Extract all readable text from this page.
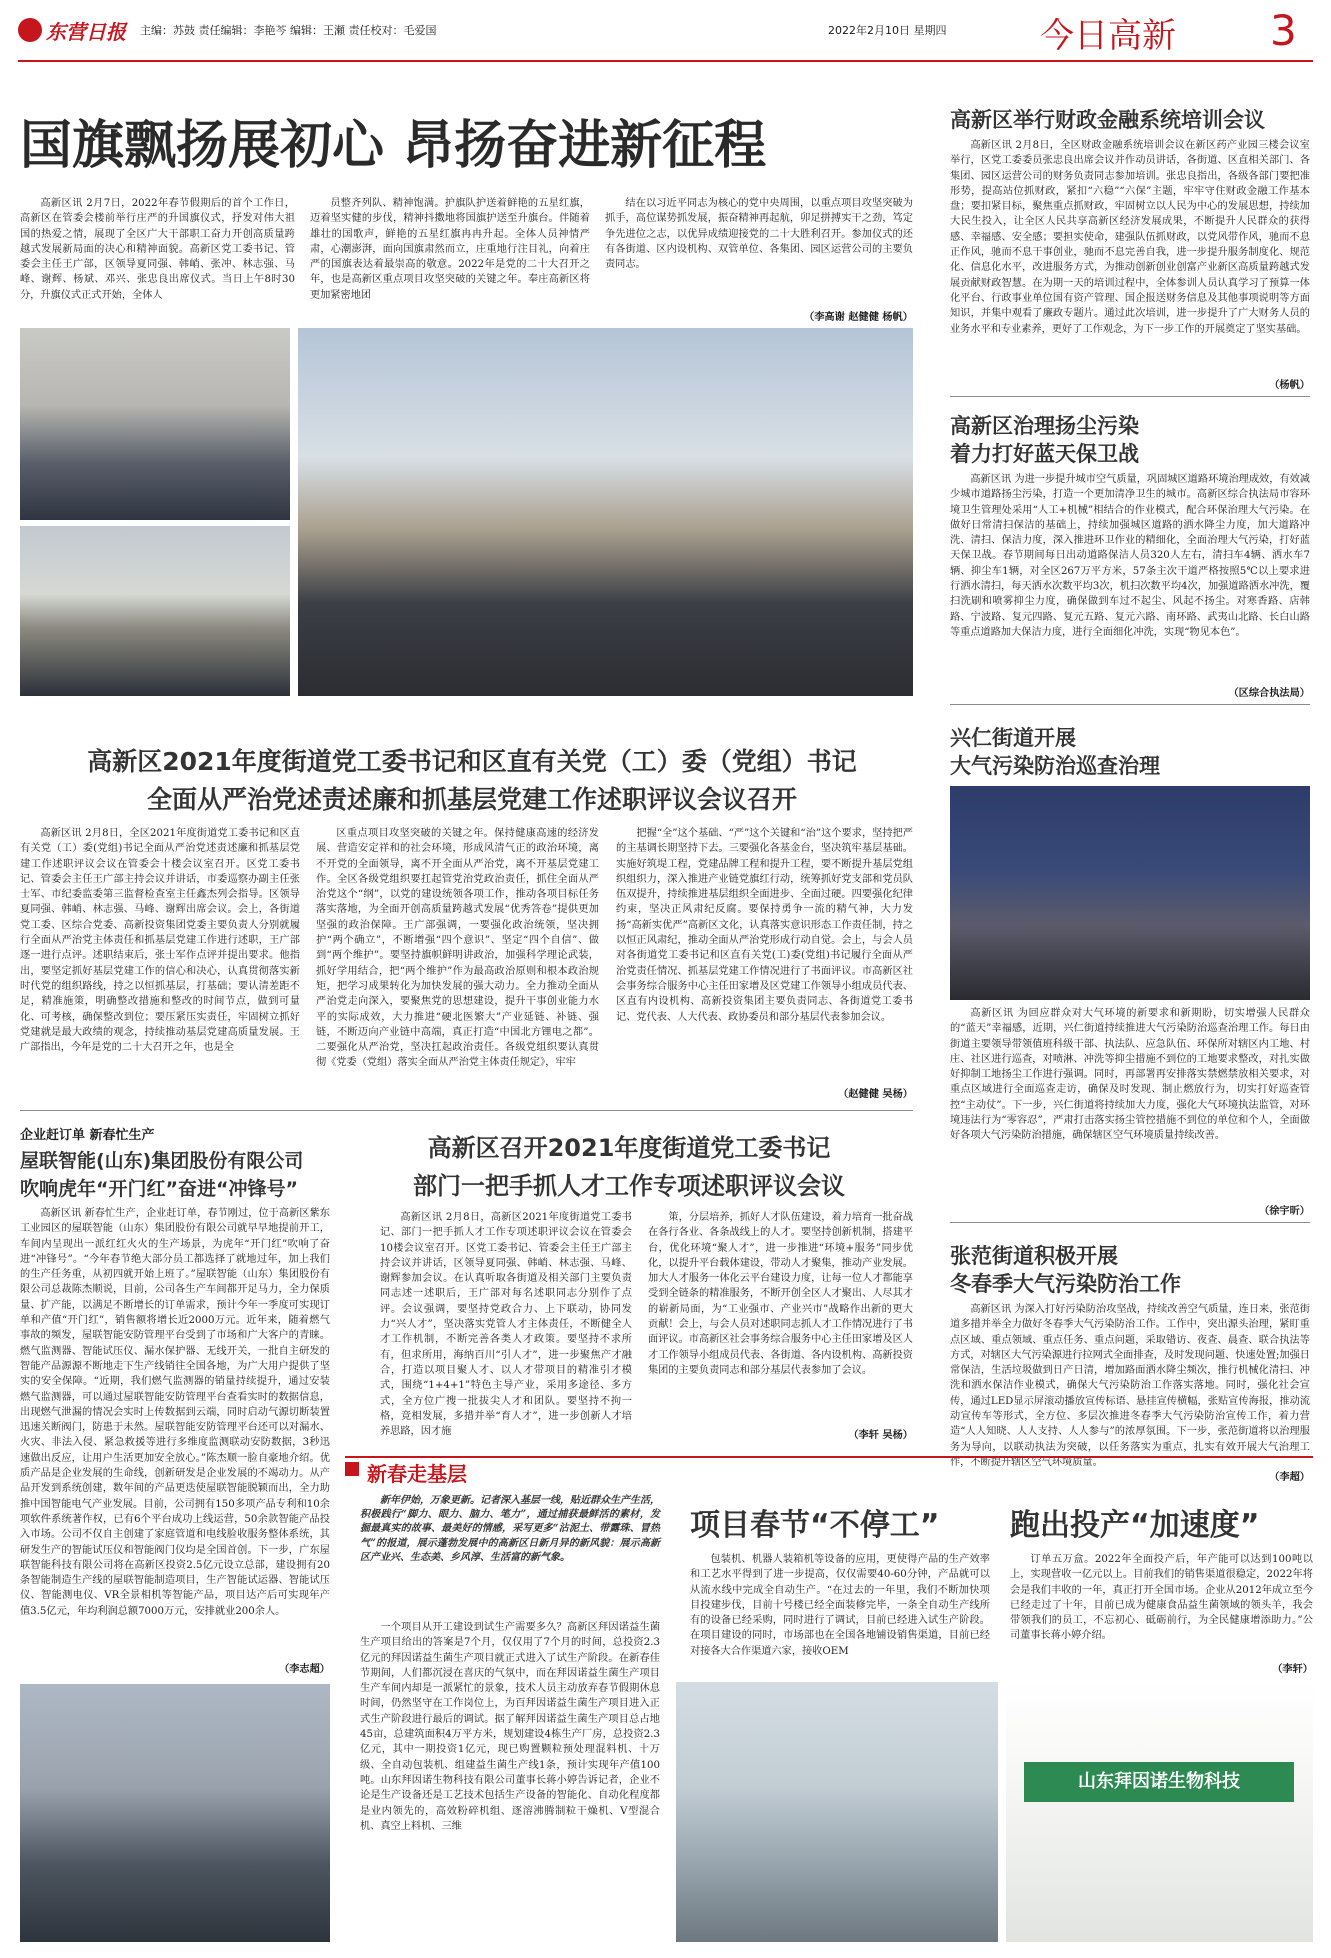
东营日报 主编：苏鼓 责任编辑：李艳芩 编辑：王瀬 责任校对：毛爱国	2022年2月10日 星期四	今日高新 3
国旗飘扬展初心 昂扬奋进新征程

高新区讯 2月7日，2022年春节假期后的首个工作日，高新区在管委会楼前举行庄严的升国旗仪式，抒发对伟大祖国的热爱之情，展现了全区广大干部职工奋力开创高质量跨越式发展新局面的决心和精神面貌。高新区党工委书记、管委会主任王广部，区领导夏同强、韩峭、张冲、林志强、马峰、谢辉、杨斌、邓兴、张忠良出席仪式。当日上午8时30分，升旗仪式正式开始，全体人

员整齐列队、精神饱满。护旗队护送着鲜艳的五星红旗，迈着坚实健的步伐，精神抖擞地将国旗护送至升旗台。伴随着雄壮的国歌声，鲜艳的五星红旗冉冉升起。全体人员神情严肃，心潮澎湃，面向国旗肃然而立，庄重地行注目礼，向着庄严的国旗表达着最崇高的敬意。2022年是党的二十大召开之年，也是高新区重点项目攻坚突破的关键之年。奉庄高新区将更加紧密地团

结在以习近平同志为核心的党中央周围，以重点项目攻坚突破为抓手，高位谋势抓发展，振奋精神再起航，卯足拼搏实干之劲，笃定争先进位之志，以优异成绩迎接党的二十大胜利召开。参加仪式的还有各街道、区内设机构、双管单位、各集团、园区运营公司的主要负责同志。

（李高谢 赵健健 杨帆）
高新区举行财政金融系统培训会议

高新区讯 2月8日，全区财政金融系统培训会议在新区药产业园三楼会议室举行，区党工委委员张忠良出席会议并作动员讲话，各街道、区直相关部门、各集团、园区运营公司的财务负责同志参加培训。张忠良指出，各级各部门要把准形势，提高站位抓财政，紧扣“六稳”“六保”主题，牢牢守住财政金融工作基本盘；要扣紧目标，聚焦重点抓财政，牢固树立以人民为中心的发展思想，持续加大民生投入，让全区人民共享高新区经济发展成果，不断提升人民群众的获得感、幸福感、安全感；要担实使命，建强队伍抓财政，以党风带作风，驰而不息正作风，驰而不息干事创业，驰而不息完善自我，进一步提升服务制度化、规范化、信息化水平，改进服务方式，为推动创新创业创富产业新区高质量跨越式发展贡献财政智慧。在为期一天的培训过程中，全体参训人员认真学习了预算一体化平台、行政事业单位国有资产管理、国企报送财务信息及其他事项说明等方面知识，并集中观看了廉政专题片。通过此次培训，进一步提升了广大财务人员的业务水平和专业素养，更好了工作观念，为下一步工作的开展奠定了坚实基础。

（杨帆）
高新区治理扬尘污染
着力打好蓝天保卫战

高新区讯 为进一步提升城市空气质量，巩固城区道路环境治理成效，有效减少城市道路扬尘污染，打造一个更加清净卫生的城市。高新区综合执法局市容环境卫生管理处采用“人工+机械”相结合的作业模式，配合环保治理大气污染。在做好日常清扫保洁的基础上，持续加强城区道路的洒水降尘力度，加大道路冲洗、清扫、保洁力度，深入推进环卫作业的精细化，全面治理大气污染，打好蓝天保卫战。春节期间每日出动道路保洁人员320人左右，清扫车4辆、洒水车7辆、抑尘车1辆，对全区267万平方米，57条主次干道严格按照5℃以上要求进行洒水清扫，每天洒水次数平均3次，机扫次数平均4次，加强道路洒水冲洗，覆扫洗刷和喷雾抑尘力度，确保做到车过不起尘、风起不扬尘。对寒香路、店韩路、宁波路、复元四路、复元五路、复元六路、南环路、武夷山北路、长白山路等重点道路加大保洁力度，进行全面细化冲洗，实现“物见本色”。

（区综合执法局）
兴仁街道开展
大气污染防治巡查治理

高新区讯 为回应群众对大气环境的新要求和新期盼，切实增强人民群众的“蓝天”幸福感，近期，兴仁街道持续推进大气污染防治巡查治理工作。每日由街道主要领导带领值班科级干部、执法队、应急队伍、环保所对辖区内工地、村庄、社区进行巡查，对喷淋、冲洗等抑尘措施不到位的工地要求整改，对扎实做好抑制工地扬尘工作进行强调。同时，再部署再安排落实禁燃禁放相关要求，对重点区域进行全面巡查走访，确保及时发现、制止燃放行为，切实打好巡查管控“主动仗”。下一步，兴仁街道将持续加大力度，强化大气环境执法监管，对环境违法行为“零容忍”，严肃打击落实扬尘管控措施不到位的单位和个人，全面做好各项大气污染防治措施，确保辖区空气环境质量持续改善。

（徐宇昕）
张范街道积极开展
冬春季大气污染防治工作

高新区讯 为深入打好污染防治攻坚战，持续改善空气质量，连日来，张范街道多措并举全力做好冬春季大气污染防治工作。工作中，突出源头治理，紧盯重点区域、重点领域、重点任务、重点问题，采取错访、夜查、晨查、联合执法等方式，对辖区大气污染源进行拉网式全面排查，及时发现问题、快速处置;加强日常保洁，生活垃圾做到日产日清，增加路面洒水降尘频次，推行机械化清扫、冲洗和洒水保洁作业模式，确保大气污染防治工作落实落地。同时，强化社会宣传，通过LED显示屏滚动播放宣传标语、悬挂宣传横幅，张贴宣传海报，推动流动宣传车等形式，全方位、多层次推进冬春季大气污染防治宣传工作，着力营造“人人知晓、人人支持、人人参与”的浓厚氛围。下一步，张范街道将以治理服务为导向，以联动执法为突破，以任务落实为重点，扎实有效开展大气治理工作，不断提升辖区空气环境质量。

（李超）
高新区2021年度街道党工委书记和区直有关党（工）委（党组）书记
全面从严治党述责述廉和抓基层党建工作述职评议会议召开

高新区讯 2月8日，全区2021年度街道党工委书记和区直有关党（工）委(党组)书记全面从严治党述责述廉和抓基层党建工作述职评议会议在管委会十楼会议室召开。区党工委书记、管委会主任王广部主持会议并讲话，市委巡察办副主任张士军、市纪委监委第三监督检查室主任鑫杰列会指导。区领导夏同强、韩峭、林志强、马峰、谢辉出席会议。会上，各街道党工委、区综合党委、高新投资集团党委主要负责人分别就履行全面从严治党主体责任和抓基层党建工作进行述职，王广部逐一进行点评。述职结束后，张士军作点评并提出要求。他指出，要坚定抓好基层党建工作的信心和决心，认真贯彻落实新时代党的组织路线，持之以恒抓基层，打基础；要认清差距不足，精准施策，明确整改措施和整改的时间节点，做到可量化、可考核，确保整改到位；要压紧压实责任，牢固树立抓好党建就是最大政绩的观念，持续推动基层党建高质量发展。王广部指出，今年是党的二十大召开之年，也是全

区重点项目攻坚突破的关键之年。保持健康高速的经济发展、营造安定祥和的社会环境，形成风清气正的政治环境，离不开党的全面领导，离不开全面从严治党，离不开基层党建工作。全区各级党组织要扛起管党治党政治责任，抓住全面从严治党这个“纲”，以党的建设统领各项工作，推动各项目标任务落实落地，为全面开创高质量跨越式发展“优秀答卷”提供更加坚强的政治保障。王广部强调，一要强化政治统领，坚决拥护“两个确立”，不断增强“四个意识”、坚定“四个自信”、做到“两个维护”。要坚持旗帜鲜明讲政治，加强科学理论武装，抓好学用结合，把“两个维护”作为最高政治原则和根本政治规矩，把学习成果转化为加快发展的强大动力。全力推动全面从严治党走向深入，要聚焦党的思想建设，提升干事创业能力水平的实际成效，大力推进“硬北医繁大”产业延链、补链、强链，不断迈向产业链中高端，真正打造“中国北方锂电之都”。二要强化从严治党，坚决扛起政治责任。各级党组织要认真贯彻《党委（党组）落实全面从严治党主体责任规定》，牢牢

把握“全”这个基础、“严”这个关键和“治”这个要求，坚持把严的主基调长期坚持下去。三要强化各基金台，坚决筑牢基层基础。实施好筑堤工程，党建品牌工程和提升工程，要不断提升基层党组织组织力，深入推进产业链党旗红行动，统筹抓好党支部和党员队伍双提升，持续推进基层组织全面进步、全面过硬。四要强化纪律约束，坚决正风肃纪反腐。要保持勇争一流的精气神，大力发扬“高新实优严”高新区文化，认真落实意识形态工作责任制，持之以恒正风肃纪，推动全面从严治党形成行动自觉。会上，与会人员对各街道党工委书记和区直有关党(工)委(党组)书记履行全面从严治党责任情况、抓基层党建工作情况进行了书面评议。市高新区社会事务综合服务中心主任田家增及区党建工作领导小组成员代表、区直有内设机构、高新投资集团主要负责同志、各街道党工委书记、党代表、人大代表、政协委员和部分基层代表参加会议。

（赵健健 吴杨）
企业赶订单 新春忙生产
屋联智能(山东)集团股份有限公司
吹响虎年“开门红”奋进“冲锋号”

高新区讯 新春忙生产，企业赶订单，春节刚过，位于高新区紫东工业园区的屋联智能（山东）集团股份有限公司就早早地提前开工，车间内呈现出一派红红火火的生产场景，为虎年“开门红”吹响了奋进“冲锋号”。“今年春节绝大部分员工都选择了就地过年，加上我们的生产任务重，从初四就开始上班了。”屋联智能（山东）集团股份有限公司总裁陈杰顺说，目前，公司各生产车间都开足马力，全力保质量、扩产能，以满足不断增长的订单需求，预计今年一季度可实现订单和产值“开门红”，销售额将增长近2000万元。近年来，随着燃气事故的频发，屋联智能安防管理平台受到了市场和广大客户的青睐。燃气监测器、智能试压仪、漏水保护器、无线开关，一批自主研发的智能产品源源不断地走下生产线销往全国各地，为广大用户提供了坚实的安全保障。“近期，我们燃气监测器的销量持续提升，通过安装燃气监测器，可以通过屋联智能安防管理平台查看实时的数据信息，出现燃气泄漏的情况会实时上传数据到云端，同时启动气源切断装置迅速关断阀门，防患于未然。屋联智能安防管理平台还可以对漏水、火灾、非法入侵、紧急救援等进行多维度监测联动安防数据，3秒迅速做出反应，让用户生活更加安全放心。”陈杰顺一脸自豪地介绍。优质产品是企业发展的生命线，创新研发是企业发展的不竭动力。从产品开发到系统创建，数年间的产品更迭使屋联智能脱颖而出，全力助推中国智能电气产业发展。目前，公司拥有150多项产品专利和10余项软件系统著作权，已有6个平台成功上线运营，50余款智能产品投入市场。公司不仅自主创建了家庭管道和电线脸收服务整体系统，其研发生产的智能试压仪和智能阀门仪均是全国首创。下一步，广东屋联智能科技有限公司将在高新区投资2.5亿元设立总部，建设拥有20条智能制造生产线的屋联智能制造项目，生产智能试运器、智能试压仪、智能测电仪、VR全景相机等智能产品，项目达产后可实现年产值3.5亿元，年均利润总额7000万元，安排就业200余人。

（李志超）
高新区召开2021年度街道党工委书记
部门一把手抓人才工作专项述职评议会议

高新区讯 2月8日，高新区2021年度街道党工委书记、部门一把手抓人才工作专项述职评议会议在管委会10楼会议室召开。区党工委书记、管委会主任王广部主持会议并讲话，区领导夏同强、韩峭、林志强、马峰、谢辉参加会议。在认真听取各街道及相关部门主要负责同志述一述职后，王广部对每名述职同志分别作了点评。会议强调，要坚持党政合力、上下联动，协同发力“兴人才”，坚决落实党管人才主体责任，不断健全人才工作机制，不断完善各类人才政策。要坚持不求所有，但求所用，海纳百川“引人才”，进一步聚焦产才融合，打造以项目聚人才、以人才带项目的精准引才模式，围绕“1+4+1”特色主导产业，采用多途径、多方式，全方位广搜一批拔尖人才和团队。要坚持不拘一格，竞相发展，多措并举“育人才”，进一步创新人才培养思路，因才施

策，分层培养，抓好人才队伍建设，着力培育一批奋战在各行各业、各条战线上的人才。要坚持创新机制，搭建平台，优化环境“聚人才”，进一步推进“环境+服务”同步优化，以提升平台载体建设，带动人才聚集，推动产业发展。加大人才服务一体化云平台建设力度，让每一位人才都能享受到全链条的精准服务，不断开创全区人才聚出、人尽其才的崭新局面，为“工业强市、产业兴市”战略作出新的更大贡献！会上，与会人员对述职同志抓人才工作情况进行了书面评议。市高新区社会事务综合服务中心主任田家增及区人才工作领导小组成员代表、各街道、各内设机构、高新投资集团的主要负责同志和部分基层代表参加了会议。

（李轩 吴杨）
新春走基层
新年伊始，万象更新。记者深入基层一线，贴近群众生产生活，积极践行“脚力、眼力、脑力、笔力”，通过捕获最鲜活的素材，发掘最真实的故事、最美好的情感，采写更多“沾泥土、带露珠、冒热气”的报道，展示蓬勃发展中的高新区日新月异的新风貌：展示高新区产业兴、生态美、乡风淳、生活富的新气象。
项目春节“不停工” 跑出投产“加速度”

一个项目从开工建设到试生产需要多久？高新区拜因诺益生菌生产项目给出的答案是7个月，仅仅用了7个月的时间，总投资2.3亿元的拜因诺益生菌生产项目就正式进入了试生产阶段。在新春佳节期间，人们都沉浸在喜庆的气氛中，而在拜因诺益生菌生产项目生产车间内却是一派紧忙的景象，技术人员主动放弃春节假期休息时间，仍然坚守在工作岗位上，为百拜因诺益生菌生产项目进入正式生产阶段进行最后的调试。据了解拜因诺益生菌生产项目总占地45亩，总建筑面积4万平方米，规划建设4栋生产厂房，总投资2.3亿元，其中一期投资1亿元，现已购置颗粒预处理混料机、十万级、全自动包装机、组建益生菌生产线1条，预计实现年产值100吨。山东拜因诺生物科技有限公司董事长蒋小婷告诉记者，企业不论是生产设备还是工艺技术包括生产设备的智能化、自动化程度都是业内领先的，高效粉碎机组、逐溶沸腾制粒干燥机、V型混合机、真空上料机、三维

包装机、机器人装箱机等设备的应用，更使得产品的生产效率和工艺水平得到了进一步提高，仅仅需要40-60分钟，产品就可以从流水线中完成全自动生产。“在过去的一年里，我们不断加快项目投建步伐，目前十号楼已经全面装修完毕，一条全自动生产线所有的设备已经采购，同时进行了调试，目前已经进入试生产阶段。在项目建设的同时，市场部也在全国各地铺设销售渠道，目前已经对接各大合作渠道六家，接收OEM

订单五万盒。2022年全面投产后，年产能可以达到100吨以上，实现营收一亿元以上。目前我们的销售渠道很稳定，2022年将会是我们丰收的一年，真正打开全国市场。企业从2012年成立至今已经走过了十年，目前已成为健康食品益生菌领域的领头羊，我会带领我们的员工，不忘初心、砥砺前行，为全民健康增添助力。”公司董事长蒋小婷介绍。

（李轩）
山东拜因诺生物科技
